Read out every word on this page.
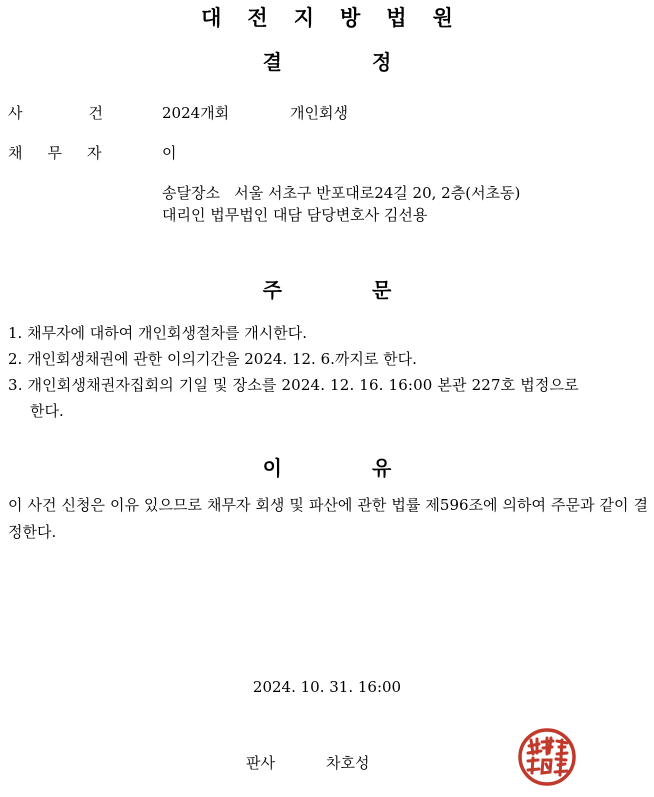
대전지방법원
결	정
사	건	2024개회	개인회생
채 무 자	이
송달장소   서울 서초구 반포대로24길 20, 2층(서초동)
대리인 법무법인 대담 담당변호사 김선용
주	문
1. 채무자에 대하여 개인회생절차를 개시한다.
2. 개인회생채권에 관한 이의기간을 2024. 12. 6.까지로 한다.
3. 개인회생채권자집회의 기일 및 장소를 2024. 12. 16. 16:00 본관 227호 법정으로
한다.
이	유
이 사건 신청은 이유 있으므로 채무자 회생 및 파산에 관한 법률 제596조에 의하여 주문과 같이 결정한다.
2024. 10. 31. 16:00
판사	차호성
